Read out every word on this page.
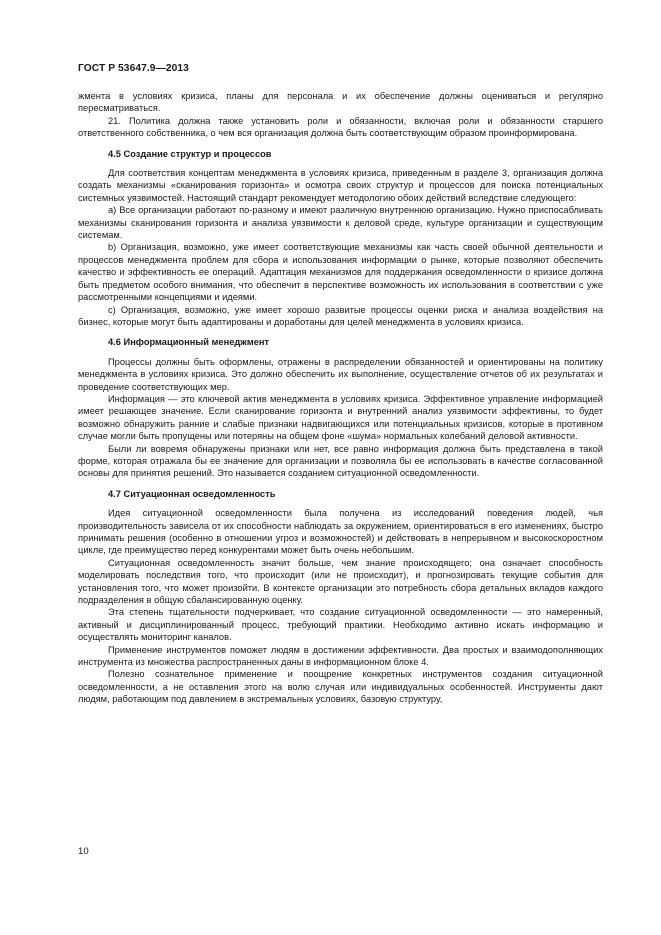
ГОСТ Р 53647.9—2013

жмента в условиях кризиса, планы для персонала и их обеспечение должны оцениваться и регулярно пересматриваться.

21. Политика должна также установить роли и обязанности, включая роли и обязанности старшего ответственного собственника, о чем вся организация должна быть соответствующим образом проинформирована.

4.5 Создание структур и процессов

Для соответствия концептам менеджмента в условиях кризиса, приведенным в разделе 3, организация должна создать механизмы «сканирования горизонта» и осмотра своих структур и процессов для поиска потенциальных системных уязвимостей. Настоящий стандарт рекомендует методологию обоих действий вследствие следующего:

а) Все организации работают по-разному и имеют различную внутреннюю организацию. Нужно приспосабливать механизмы сканирования горизонта и анализа уязвимости к деловой среде, культуре организации и существующим системам.

b) Организация, возможно, уже имеет соответствующие механизмы как часть своей обычной деятельности и процессов менеджмента проблем для сбора и использования информации о рынке, которые позволяют обеспечить качество и эффективность ее операций. Адаптация механизмов для поддержания осведомленности о кризисе должна быть предметом особого внимания, что обеспечит в перспективе возможность их использования в соответствии с уже рассмотренными концепциями и идеями.

с) Организация, возможно, уже имеет хорошо развитые процессы оценки риска и анализа воздействия на бизнес, которые могут быть адаптированы и доработаны для целей менеджмента в условиях кризиса.

4.6 Информационный менеджмент

Процессы должны быть оформлены, отражены в распределении обязанностей и ориентированы на политику менеджмента в условиях кризиса. Это должно обеспечить их выполнение, осуществление отчетов об их результатах и проведение соответствующих мер.

Информация — это ключевой актив менеджмента в условиях кризиса. Эффективное управление информацией имеет решающее значение. Если сканирование горизонта и внутренний анализ уязвимости эффективны, то будет возможно обнаружить ранние и слабые признаки надвигающихся или потенциальных кризисов, которые в противном случае могли быть пропущены или потеряны на общем фоне «шума» нормальных колебаний деловой активности.

Были ли вовремя обнаружены признаки или нет, все равно информация должна быть представлена в такой форме, которая отражала бы ее значение для организации и позволяла бы ее использовать в качестве согласованной основы для принятия решений. Это называется созданием ситуационной осведомленности.

4.7 Ситуационная осведомленность

Идея ситуационной осведомленности была получена из исследований поведения людей, чья производительность зависела от их способности наблюдать за окружением, ориентироваться в его изменениях, быстро принимать решения (особенно в отношении угроз и возможностей) и действовать в непрерывном и высокоскоростном цикле, где преимущество перед конкурентами может быть очень небольшим.

Ситуационная осведомленность значит больше, чем знание происходящего; она означает способность моделировать последствия того, что происходит (или не происходит), и прогнозировать текущие события для установления того, что может произойти. В контексте организации это потребность сбора детальных вкладов каждого подразделения в общую сбалансированную оценку.

Эта степень тщательности подчеркивает, что создание ситуационной осведомленности — это намеренный, активный и дисциплинированный процесс, требующий практики. Необходимо активно искать информацию и осуществлять мониторинг каналов.

Применение инструментов поможет людям в достижении эффективности. Два простых и взаимодополняющих инструмента из множества распространенных даны в информационном блоке 4.

Полезно сознательное применение и поощрение конкретных инструментов создания ситуационной осведомленности, а не оставления этого на волю случая или индивидуальных особенностей. Инструменты дают людям, работающим под давлением в экстремальных условиях, базовую структуру,

10
